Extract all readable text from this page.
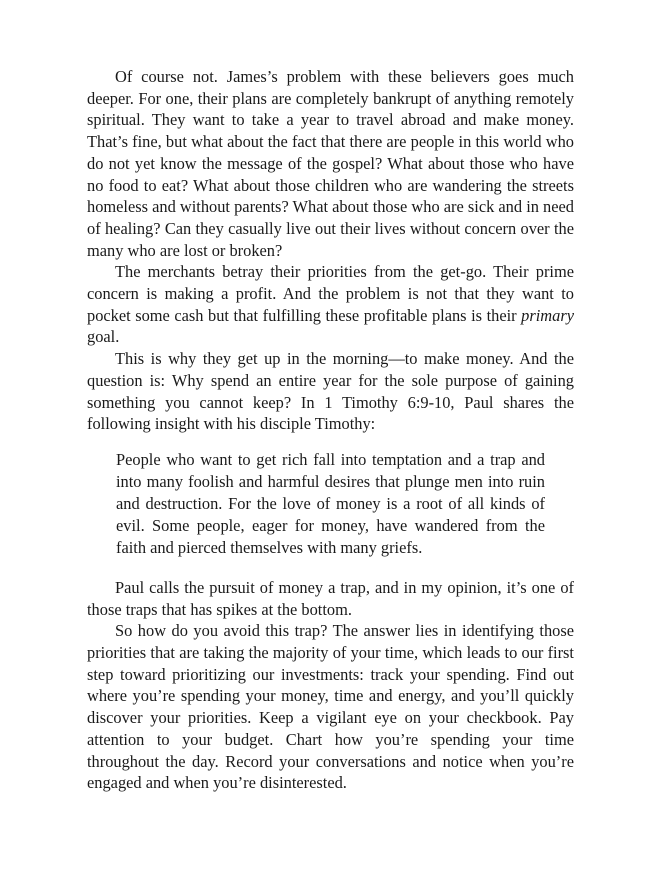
Of course not. James’s problem with these believers goes much deeper. For one, their plans are completely bankrupt of anything remotely spiritual. They want to take a year to travel abroad and make money. That’s fine, but what about the fact that there are people in this world who do not yet know the message of the gospel? What about those who have no food to eat? What about those children who are wandering the streets homeless and without parents? What about those who are sick and in need of healing? Can they casually live out their lives without concern over the many who are lost or broken?

The merchants betray their priorities from the get-go. Their prime concern is making a profit. And the problem is not that they want to pocket some cash but that fulfilling these profitable plans is their primary goal.

This is why they get up in the morning—to make money. And the question is: Why spend an entire year for the sole purpose of gaining something you cannot keep? In 1 Timothy 6:9-10, Paul shares the following insight with his disciple Timothy:

People who want to get rich fall into temptation and a trap and into many foolish and harmful desires that plunge men into ruin and destruction. For the love of money is a root of all kinds of evil. Some people, eager for money, have wandered from the faith and pierced themselves with many griefs.

Paul calls the pursuit of money a trap, and in my opinion, it’s one of those traps that has spikes at the bottom.

So how do you avoid this trap? The answer lies in identifying those priorities that are taking the majority of your time, which leads to our first step toward prioritizing our investments: track your spending. Find out where you’re spending your money, time and energy, and you’ll quickly discover your priorities. Keep a vigilant eye on your checkbook. Pay attention to your budget. Chart how you’re spending your time throughout the day. Record your conversations and notice when you’re engaged and when you’re disinterested.
